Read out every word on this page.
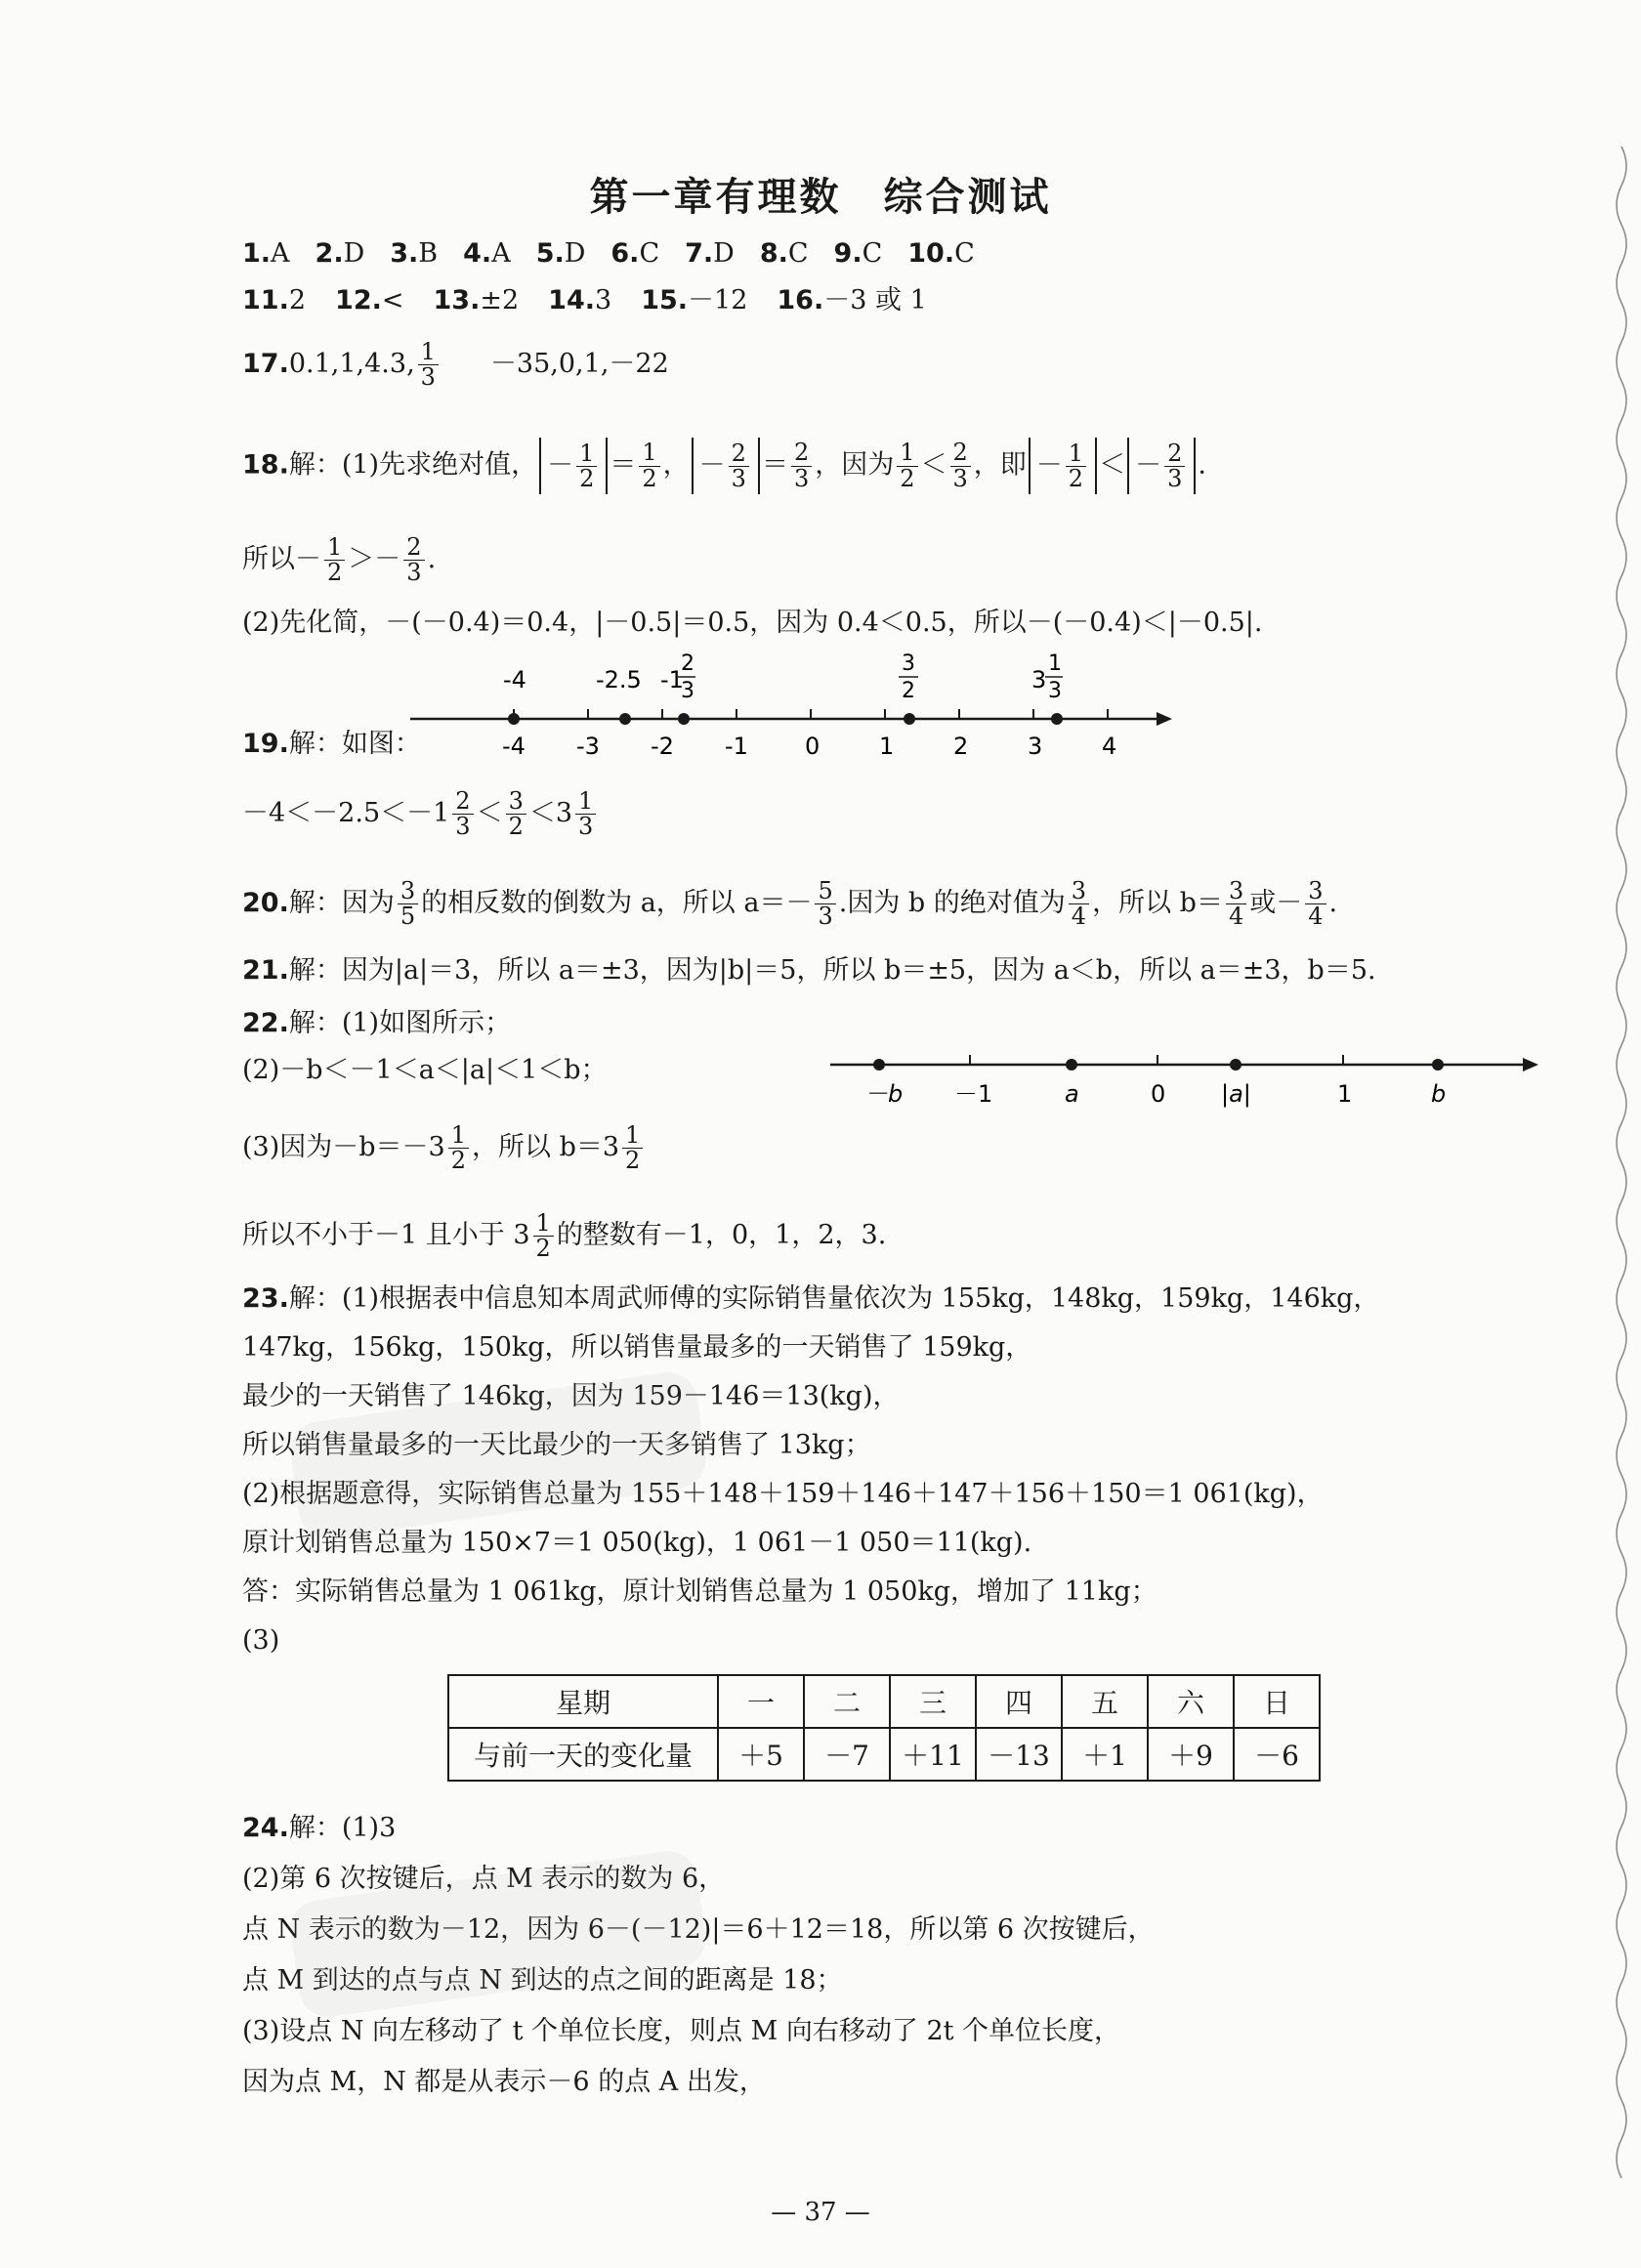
第一章有理数　综合测试
1.A 2.D 3.B 4.A 5.D 6.C 7.D 8.C 9.C 10.C
11.2 12.< 13.±2 14.3 15.－12 16.－3 或 1
17.0.1,1,4.3, $\frac{1}{3} -35,0,1,-22$
18.解：(1)先求绝对值， － $\frac{1}{2} = \frac{1}{2}$ ， － $\frac{2}{3} = \frac{2}{3}$ ，因为 $\frac{1}{2} < \frac{2}{3}$ ，即 － $\frac{1}{2}$ ＜ － $\frac{2}{3}$ .
所以－ $\frac{1}{2} >- \frac{2}{3}$ .
(2)先化简，－(－0.4)＝0.4，|－0.5|＝0.5，因为 0.4＜0.5，所以－(－0.4)＜|－0.5|.
-4 -3 -2 -1 0	1	2	3	4
-4	-2.5 -1
2
3
3
2	3
1
3
19.解：如图：
$-4<-2.5<-1 \frac{2}{3} < \frac{3}{2} <3 \frac{1}{3}$
20.解：因为 $\frac{3}{5}$ 的相反数的倒数为 a，所以 $a=- \frac{5}{3}$ .因为 b 的绝对值为 $\frac{3}{4}$ ，所以 $b= \frac{3}{4}$ 或－ $\frac{3}{4}$ .
21.解：因为|a|＝3，所以 a＝±3，因为|b|＝5，所以 b＝±5，因为 a＜b，所以 a＝±3，b＝5.
22.解：(1)如图所示；
(2)－b＜－1＜a＜|a|＜1＜b；
(3)因为$-b=-3 \frac{1}{2}$ ，所以 $b=3 \frac{1}{2}$
所以不小于－1 且小于 $3 \frac{1}{2}$ 的整数有－1，0，1，2，3.
－b －1	a	0 |a|	1	b
23.解：(1)根据表中信息知本周武师傅的实际销售量依次为 155kg，148kg，159kg，146kg，
147kg，156kg，150kg，所以销售量最多的一天销售了 159kg，
最少的一天销售了 146kg，因为 159－146＝13(kg)，
所以销售量最多的一天比最少的一天多销售了 13kg；
(2)根据题意得，实际销售总量为 155＋148＋159＋146＋147＋156＋150＝1 061(kg)，
原计划销售总量为 150×7＝1 050(kg)，1 061－1 050＝11(kg).
答：实际销售总量为 1 061kg，原计划销售总量为 1 050kg，增加了 11kg；
(3)
星期	一	二	三	四	五	六	日
与前一天的变化量	＋5	－7	＋11	－13	＋1	＋9	－6
24.解：(1)3
(2)第 6 次按键后，点 M 表示的数为 6，
点 N 表示的数为－12，因为 6－(－12)|＝6＋12＝18，所以第 6 次按键后，
点 M 到达的点与点 N 到达的点之间的距离是 18；
(3)设点 N 向左移动了 t 个单位长度，则点 M 向右移动了 2t 个单位长度，
因为点 M，N 都是从表示－6 的点 A 出发，
— 37 —
